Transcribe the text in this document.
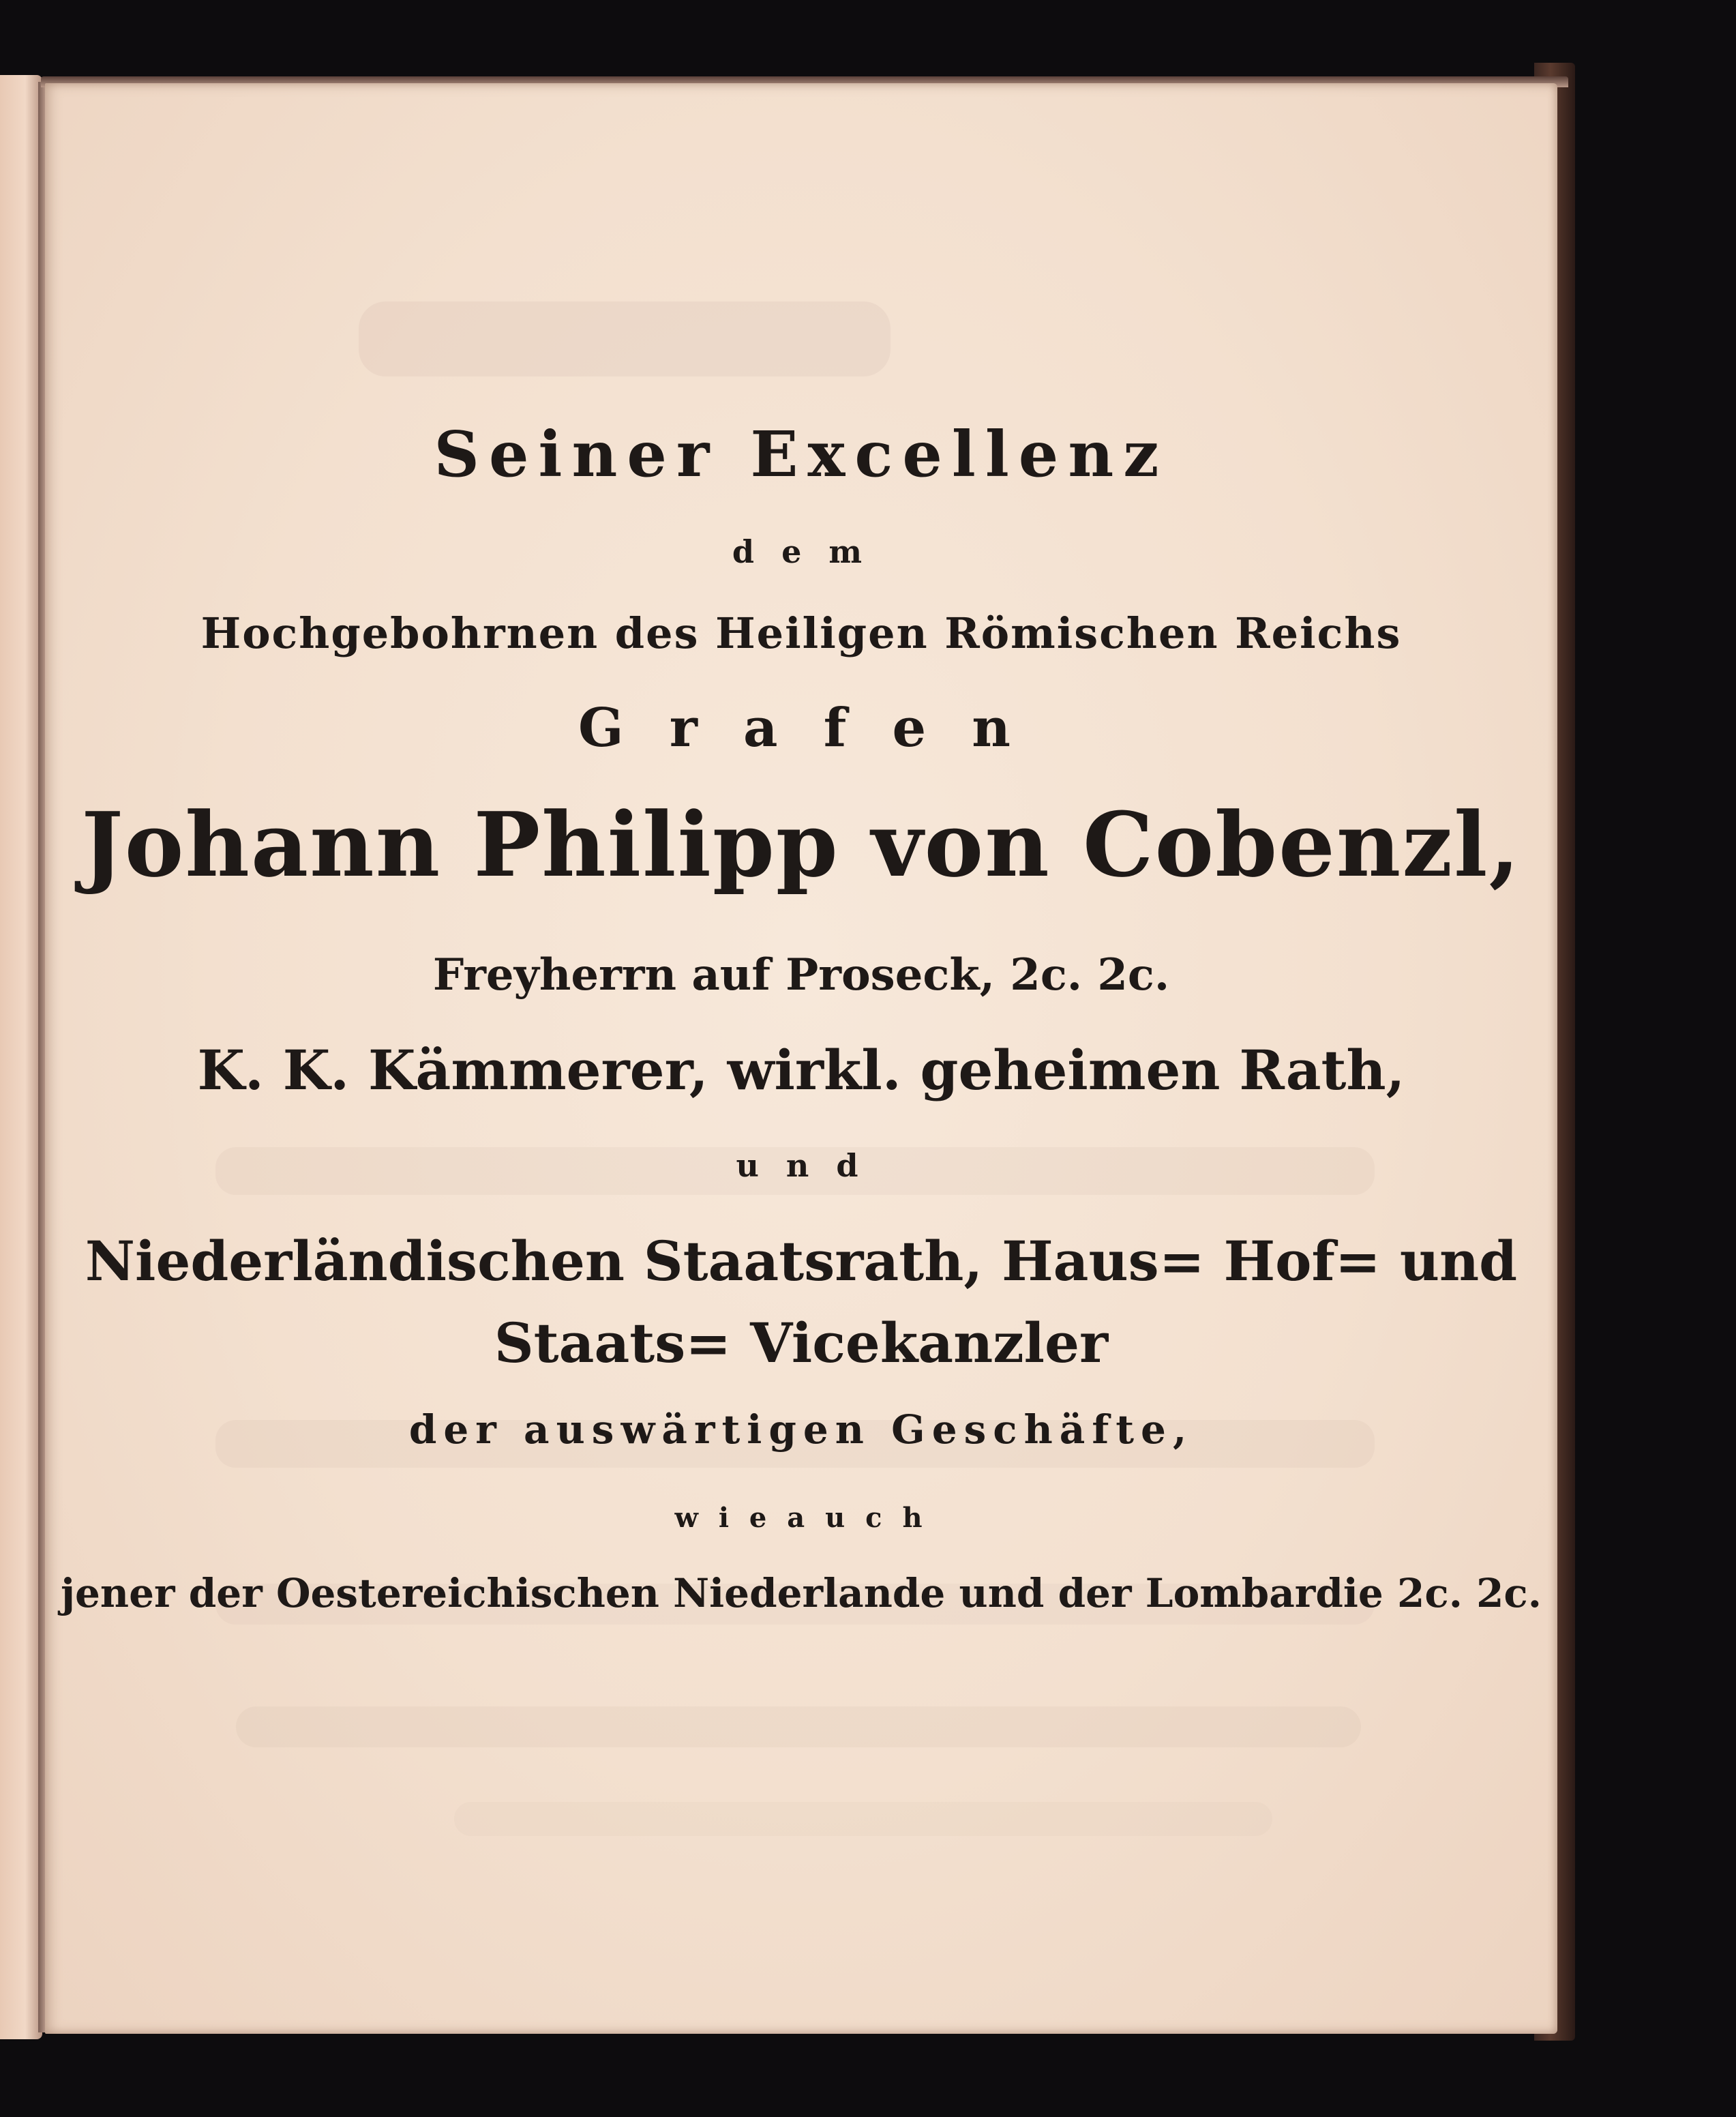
Seiner Excellenz
d e m
Hochgebohrnen des Heiligen Römischen Reichs
G r a f e n
Johann Philipp von Cobenzl,
Freyherrn auf Proseck, 2c. 2c.
K. K. Kämmerer, wirkl. geheimen Rath,
u n d
Niederländischen Staatsrath, Haus= Hof= und
Staats= Vicekanzler
der auswärtigen Geschäfte,
w i e a u c h
jener der Oestereichischen Niederlande und der Lombardie 2c. 2c.
